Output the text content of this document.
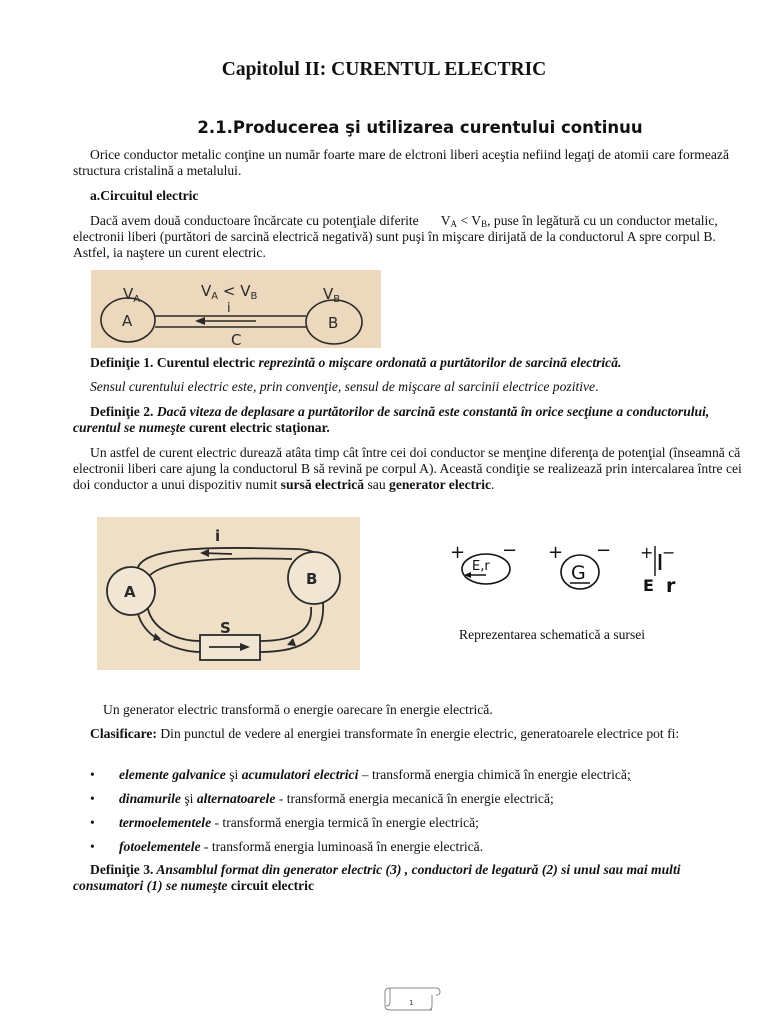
Capitolul II: CURENTUL ELECTRIC
2.1.Producerea şi utilizarea curentului continuu
Orice conductor metalic conţine un număr foarte mare de elctroni liberi aceştia nefiind legaţi de atomii care formează structura cristalină a metalului.
a.Circuitul electric
Dacă avem două conductoare încărcate cu potenţiale diferite $V_A < V_B$, puse în legătură cu un conductor metalic, electronii liberi (purtători de sarcină electrică negativă) sunt puşi în mişcare dirijată de la conductorul A spre corpul B. Astfel, ia naştere un curent electric.
$V_A$	$V_A < V_B$	$V_B$
A	B
i
C
Definiţie 1. Curentul electric reprezintă o mişcare ordonată a purtătorilor de sarcină electrică.
Sensul curentului electric este, prin convenţie, sensul de mişcare al sarcinii electrice pozitive.
Definiţie 2. Dacă viteza de deplasare a purtătorilor de sarcină este constantă în orice secţiune a conductorului, curentul se numeşte curent electric staţionar.
Un astfel de curent electric durează atâta timp cât între cei doi conductor se menţine diferenţa de potenţial (înseamnă că electronii liberi care ajung la conductorul B să revină pe corpul A). Această condiţie se realizează prin intercalarea între cei doi conductor a unui dispozitiv numit sursă electrică sau generator electric.
i
A
B
S
+ −
E,r
+ −
G
+ −
E r
Reprezentarea schematică a sursei
Un generator electric transformă o energie oarecare în energie electrică.
Clasificare: Din punctul de vedere al energiei transformate în energie electric, generatoarele electrice pot fi:
• elemente galvanice şi acumulatori electrici – transformă energia chimică în energie electrică;
• dinamurile şi alternatoarele - transformă energia mecanică în energie electrică;
• termoelementele - transformă energia termică în energie electrică;
• fotoelementele - transformă energia luminoasă în energie electrică.
Definiţie 3. Ansamblul format din generator electric (3) , conductori de legatură (2) si unul sau mai multi consumatori (1) se numeşte circuit electric
1
